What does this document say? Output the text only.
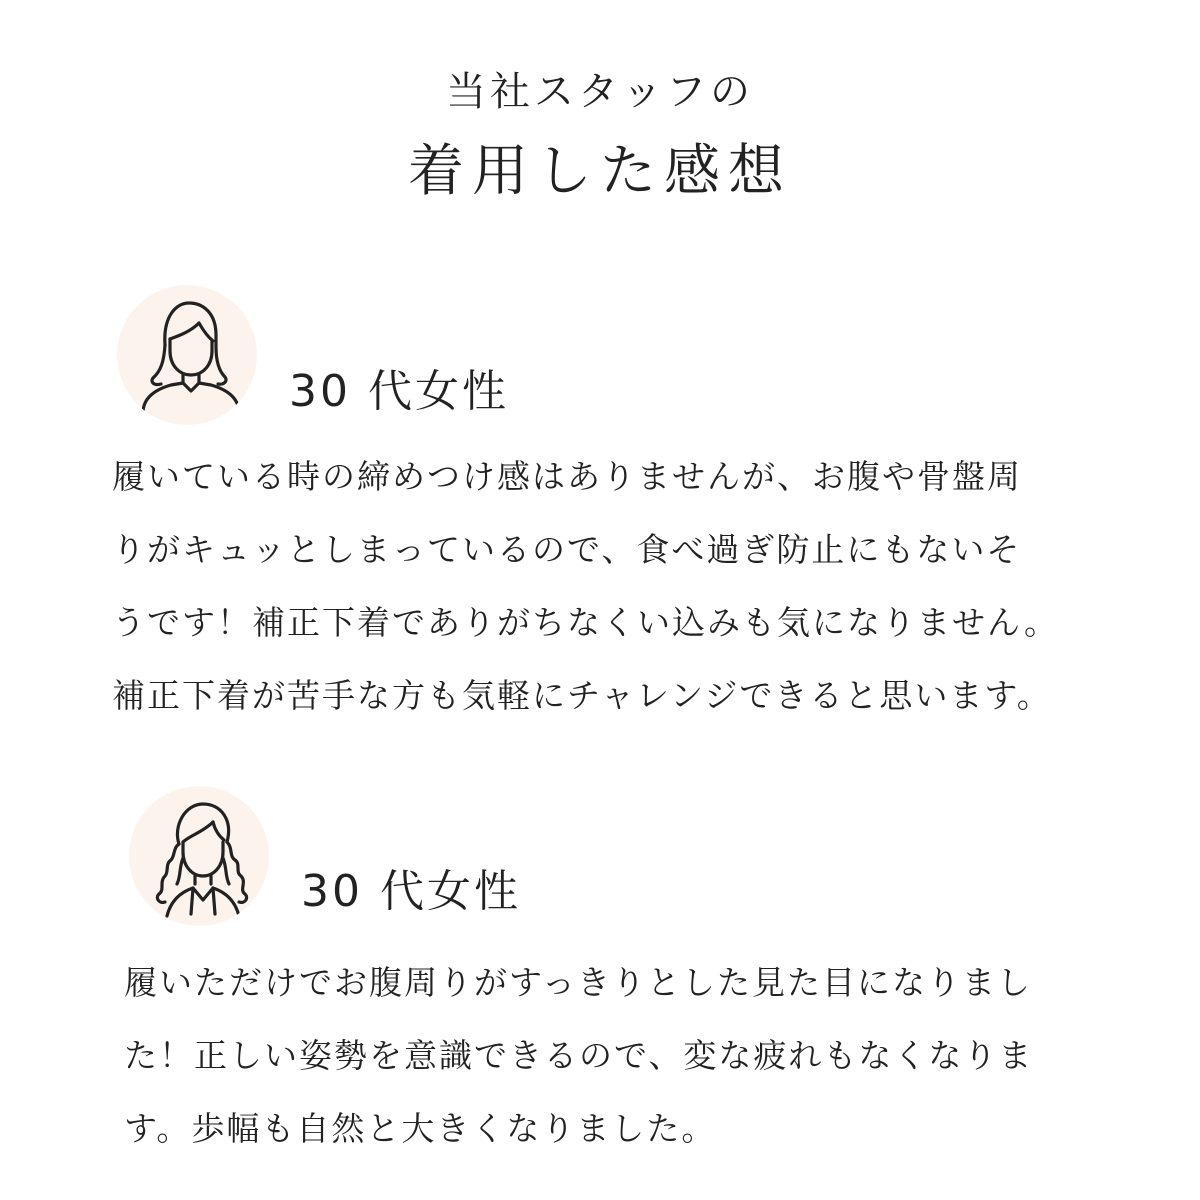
当社スタッフの
着用した感想
30 代女性
履いている時の締めつけ感はありませんが、お腹や骨盤周
りがキュッとしまっているので、食べ過ぎ防止にもないそ
うです！補正下着でありがちなくい込みも気になりません。
補正下着が苦手な方も気軽にチャレンジできると思います。
30 代女性
履いただけでお腹周りがすっきりとした見た目になりまし
た！正しい姿勢を意識できるので、変な疲れもなくなりま
す。歩幅も自然と大きくなりました。
